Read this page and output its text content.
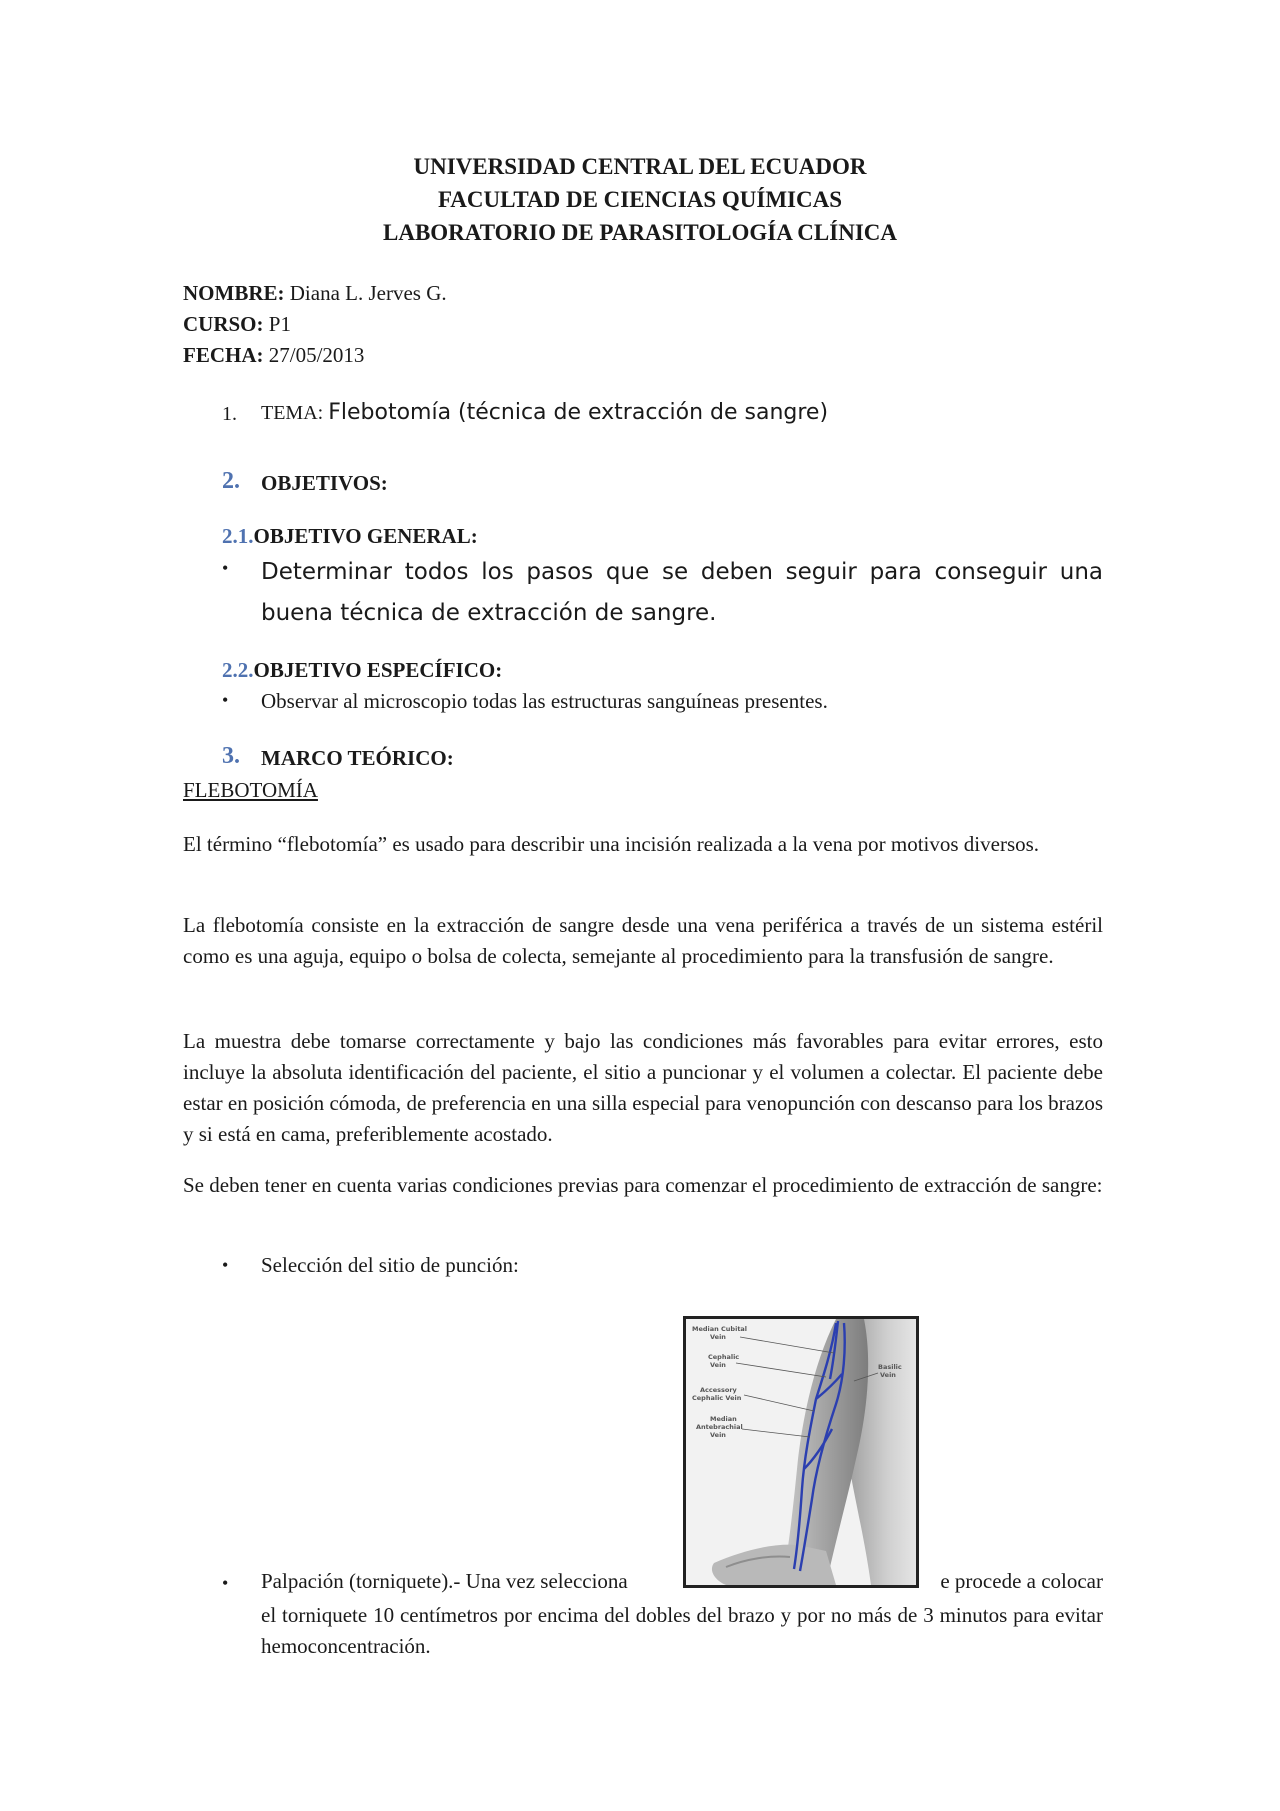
UNIVERSIDAD CENTRAL DEL ECUADOR
FACULTAD DE CIENCIAS QUÍMICAS
LABORATORIO DE PARASITOLOGÍA CLÍNICA
NOMBRE: Diana L. Jerves G.
CURSO: P1
FECHA: 27/05/2013
1. TEMA: Flebotomía (técnica de extracción de sangre)
2. OBJETIVOS:
2.1.OBJETIVO GENERAL:
• Determinar todos los pasos que se deben seguir para conseguir una
buena técnica de extracción de sangre.
2.2.OBJETIVO ESPECÍFICO:
• Observar al microscopio todas las estructuras sanguíneas presentes.
3. MARCO TEÓRICO:
FLEBOTOMÍA

El término “flebotomía” es usado para describir una incisión realizada a la vena por motivos diversos.

La flebotomía consiste en la extracción de sangre desde una vena periférica a través de un sistema estéril como es una aguja, equipo o bolsa de colecta, semejante al procedimiento para la transfusión de sangre.

La muestra debe tomarse correctamente y bajo las condiciones más favorables para evitar errores, esto incluye la absoluta identificación del paciente, el sitio a puncionar y el volumen a colectar. El paciente debe estar en posición cómoda, de preferencia en una silla especial para venopunción con descanso para los brazos y si está en cama, preferiblemente acostado.

Se deben tener en cuenta varias condiciones previas para comenzar el procedimiento de extracción de sangre:

• Selección del sitio de punción:
Median Cubital
Vein
Cephalic
Vein
Accessory
Cephalic Vein
Median
Antebrachial
Vein
Basilic
Vein
• Palpación (torniquete).- Una vez selecciona	e procede a colocar
el torniquete 10 centímetros por encima del dobles del brazo y por no más de 3 minutos para evitar hemoconcentración.
